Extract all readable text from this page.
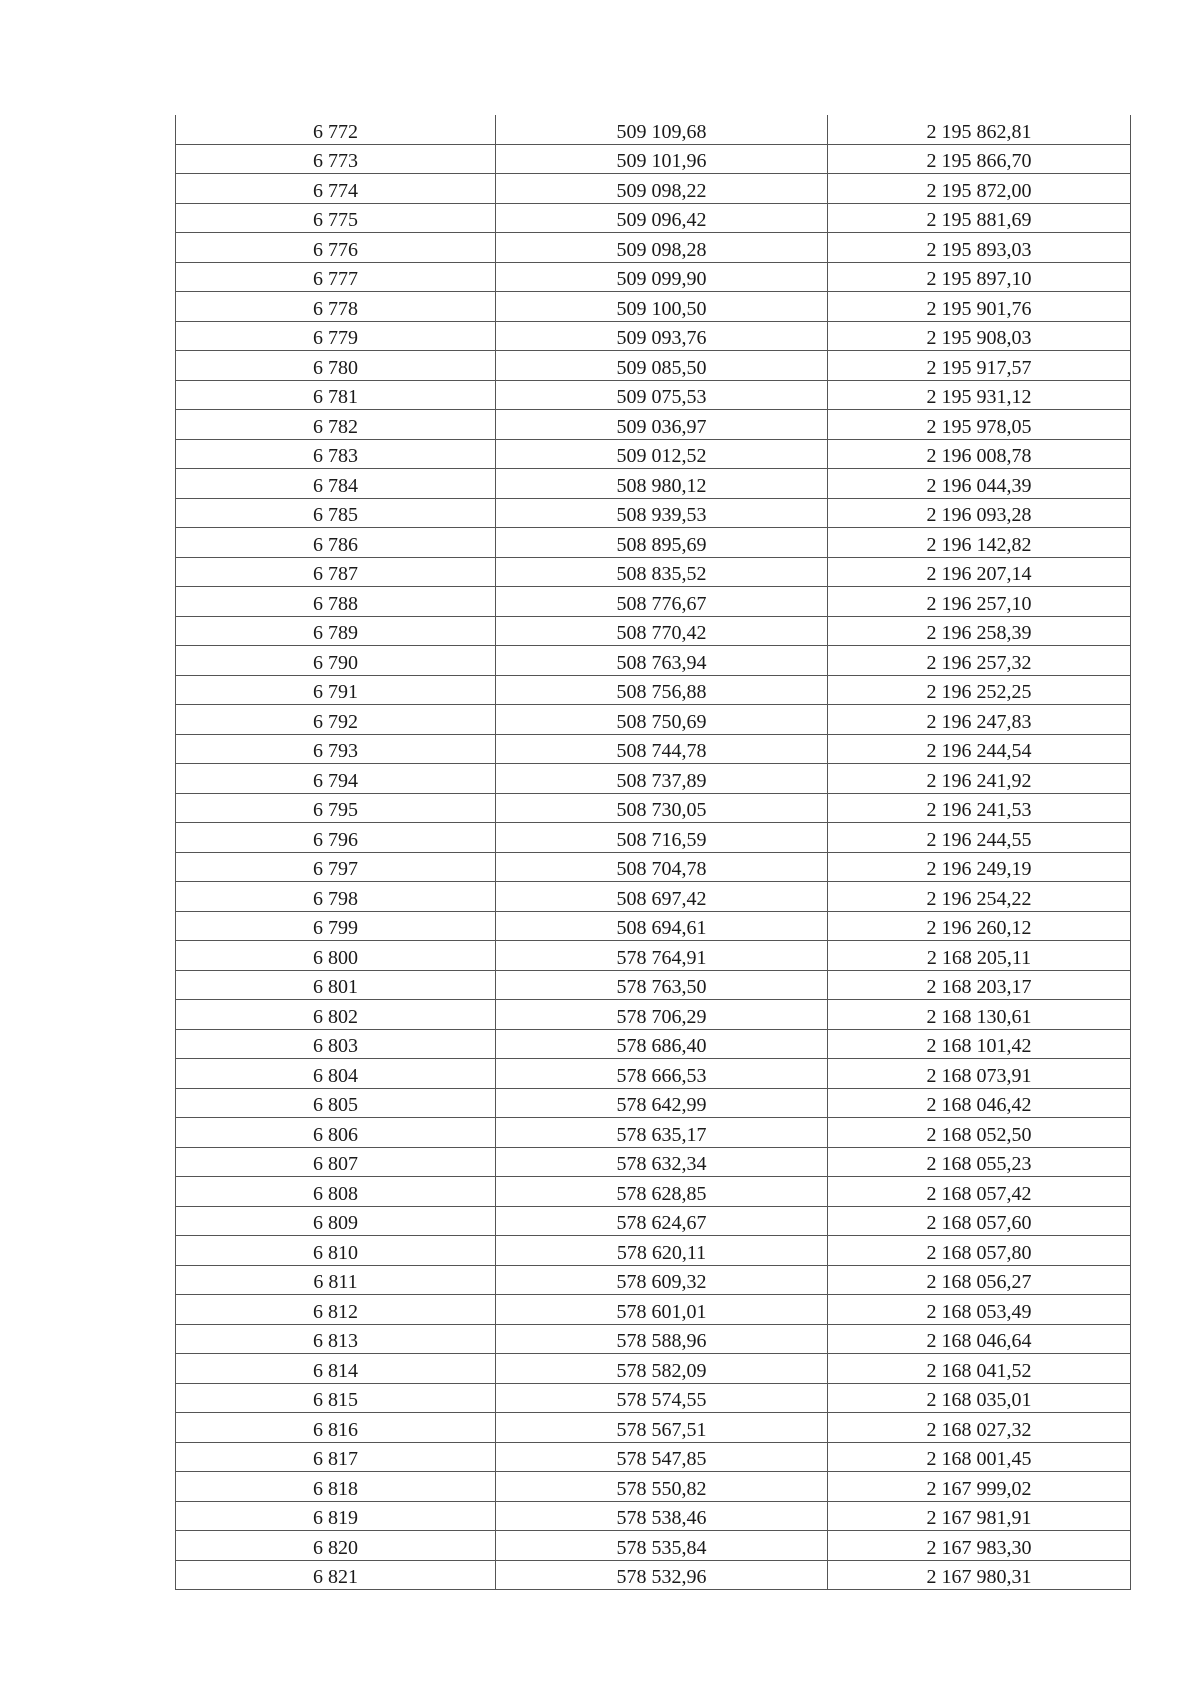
6 772	509 109,68	2 195 862,81
6 773	509 101,96	2 195 866,70
6 774	509 098,22	2 195 872,00
6 775	509 096,42	2 195 881,69
6 776	509 098,28	2 195 893,03
6 777	509 099,90	2 195 897,10
6 778	509 100,50	2 195 901,76
6 779	509 093,76	2 195 908,03
6 780	509 085,50	2 195 917,57
6 781	509 075,53	2 195 931,12
6 782	509 036,97	2 195 978,05
6 783	509 012,52	2 196 008,78
6 784	508 980,12	2 196 044,39
6 785	508 939,53	2 196 093,28
6 786	508 895,69	2 196 142,82
6 787	508 835,52	2 196 207,14
6 788	508 776,67	2 196 257,10
6 789	508 770,42	2 196 258,39
6 790	508 763,94	2 196 257,32
6 791	508 756,88	2 196 252,25
6 792	508 750,69	2 196 247,83
6 793	508 744,78	2 196 244,54
6 794	508 737,89	2 196 241,92
6 795	508 730,05	2 196 241,53
6 796	508 716,59	2 196 244,55
6 797	508 704,78	2 196 249,19
6 798	508 697,42	2 196 254,22
6 799	508 694,61	2 196 260,12
6 800	578 764,91	2 168 205,11
6 801	578 763,50	2 168 203,17
6 802	578 706,29	2 168 130,61
6 803	578 686,40	2 168 101,42
6 804	578 666,53	2 168 073,91
6 805	578 642,99	2 168 046,42
6 806	578 635,17	2 168 052,50
6 807	578 632,34	2 168 055,23
6 808	578 628,85	2 168 057,42
6 809	578 624,67	2 168 057,60
6 810	578 620,11	2 168 057,80
6 811	578 609,32	2 168 056,27
6 812	578 601,01	2 168 053,49
6 813	578 588,96	2 168 046,64
6 814	578 582,09	2 168 041,52
6 815	578 574,55	2 168 035,01
6 816	578 567,51	2 168 027,32
6 817	578 547,85	2 168 001,45
6 818	578 550,82	2 167 999,02
6 819	578 538,46	2 167 981,91
6 820	578 535,84	2 167 983,30
6 821	578 532,96	2 167 980,31
